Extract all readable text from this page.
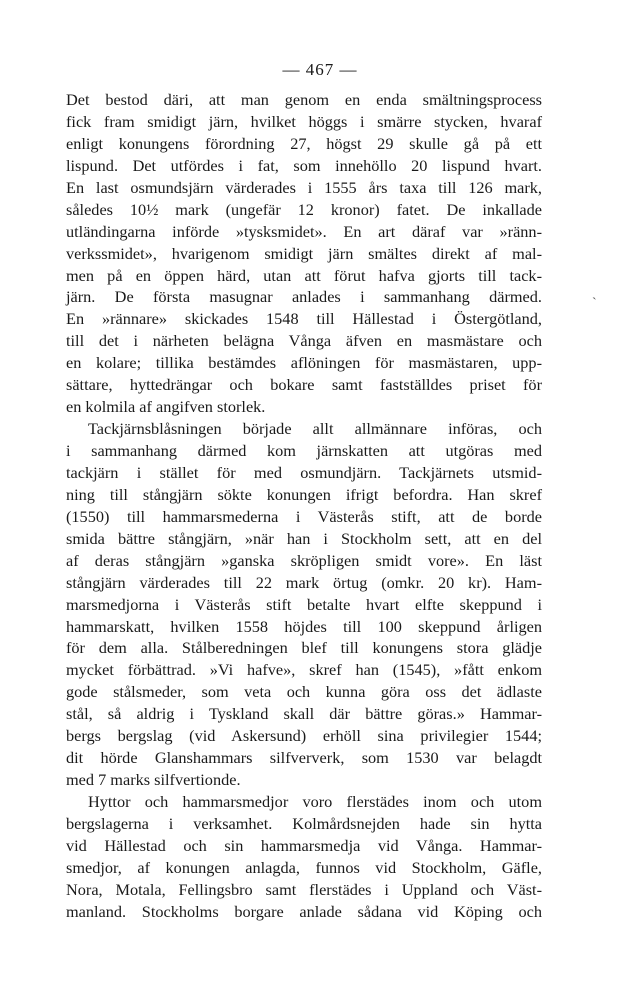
— 467 —
Det bestod däri, att man genom en enda smältningsprocess
fick fram smidigt järn, hvilket höggs i smärre stycken, hvaraf
enligt konungens förordning 27, högst 29 skulle gå på ett
lispund. Det utfördes i fat, som innehöllo 20 lispund hvart.
En last osmundsjärn värderades i 1555 års taxa till 126 mark,
således 10½ mark (ungefär 12 kronor) fatet. De inkallade
utländingarna införde »tysksmidet». En art däraf var »ränn-
verkssmidet», hvarigenom smidigt järn smältes direkt af mal-
men på en öppen härd, utan att förut hafva gjorts till tack-
järn. De första masugnar anlades i sammanhang därmed.
En »rännare» skickades 1548 till Hällestad i Östergötland,
till det i närheten belägna Vånga äfven en masmästare och
en kolare; tillika bestämdes aflöningen för masmästaren, upp-
sättare, hyttedrängar och bokare samt fastställdes priset för
en kolmila af angifven storlek.
Tackjärnsblåsningen började allt allmännare införas, och
i sammanhang därmed kom järnskatten att utgöras med
tackjärn i stället för med osmundjärn. Tackjärnets utsmid-
ning till stångjärn sökte konungen ifrigt befordra. Han skref
(1550) till hammarsmederna i Västerås stift, att de borde
smida bättre stångjärn, »när han i Stockholm sett, att en del
af deras stångjärn »ganska skröpligen smidt vore». En läst
stångjärn värderades till 22 mark örtug (omkr. 20 kr). Ham-
marsmedjorna i Västerås stift betalte hvart elfte skeppund i
hammarskatt, hvilken 1558 höjdes till 100 skeppund årligen
för dem alla. Stålberedningen blef till konungens stora glädje
mycket förbättrad. »Vi hafve», skref han (1545), »fått enkom
gode stålsmeder, som veta och kunna göra oss det ädlaste
stål, så aldrig i Tyskland skall där bättre göras.» Hammar-
bergs bergslag (vid Askersund) erhöll sina privilegier 1544;
dit hörde Glanshammars silfververk, som 1530 var belagdt
med 7 marks silfvertionde.
Hyttor och hammarsmedjor voro flerstädes inom och utom
bergslagerna i verksamhet. Kolmårdsnejden hade sin hytta
vid Hällestad och sin hammarsmedja vid Vånga. Hammar-
smedjor, af konungen anlagda, funnos vid Stockholm, Gäfle,
Nora, Motala, Fellingsbro samt flerstädes i Uppland och Väst-
manland. Stockholms borgare anlade sådana vid Köping och
`
